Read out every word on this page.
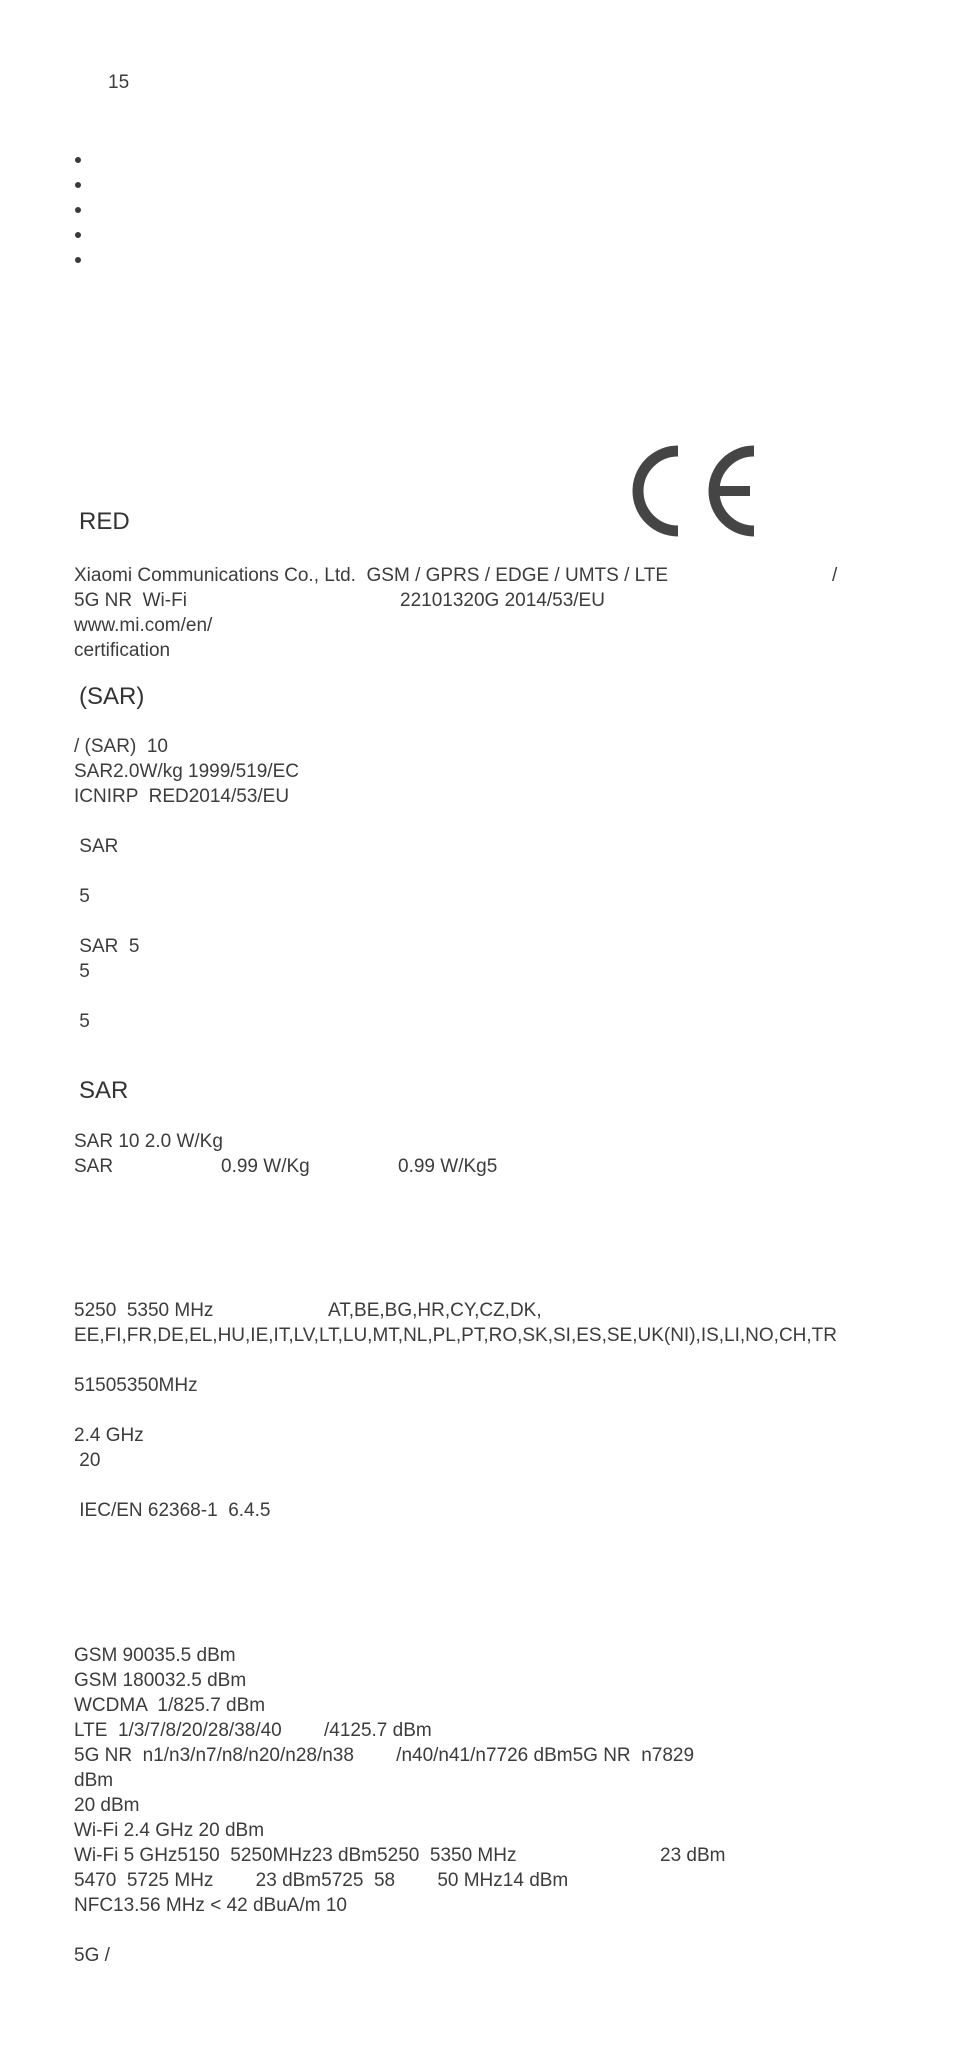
15
RED
Xiaomi Communications Co., Ltd.  GSM / GPRS / EDGE / UMTS / LTE	/
5G NR  Wi-Fi	22101320G 2014/53/EU
www.mi.com/en/
certification
(SAR)
/ (SAR)  10
SAR2.0W/kg 1999/519/EC
ICNIRP  RED2014/53/EU
SAR
5
SAR  5
5
5
SAR
SAR 10 2.0 W/Kg
SAR	0.99 W/Kg	0.99 W/Kg5
5250  5350 MHz	AT,BE,BG,HR,CY,CZ,DK,
EE,FI,FR,DE,EL,HU,IE,IT,LV,LT,LU,MT,NL,PL,PT,RO,SK,SI,ES,SE,UK(NI),IS,LI,NO,CH,TR
51505350MHz
2.4 GHz
20
IEC/EN 62368-1  6.4.5
GSM 90035.5 dBm
GSM 180032.5 dBm
WCDMA  1/825.7 dBm
LTE  1/3/7/8/20/28/38/40        /4125.7 dBm
5G NR  n1/n3/n7/n8/n20/n28/n38        /n40/n41/n7726 dBm5G NR  n7829
dBm
20 dBm
Wi-Fi 2.4 GHz 20 dBm
Wi-Fi 5 GHz5150  5250MHz23 dBm5250  5350 MHz	23 dBm
5470  5725 MHz        23 dBm5725  58        50 MHz14 dBm
NFC13.56 MHz < 42 dBuA/m 10
5G /
